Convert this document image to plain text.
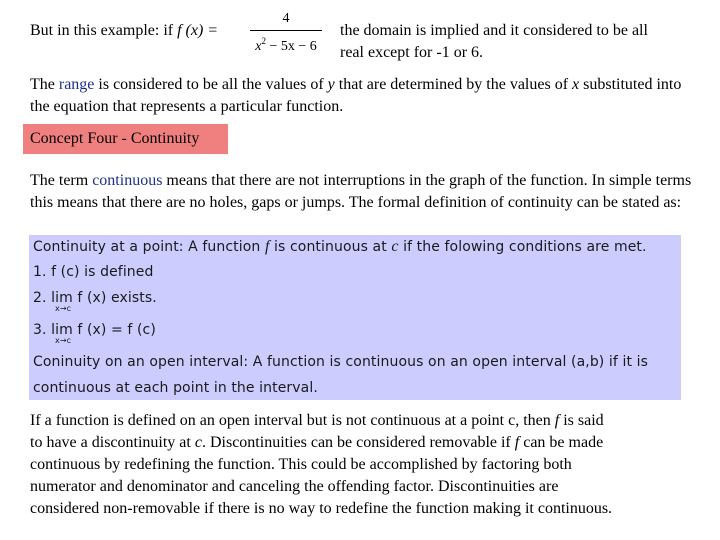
But in this example: if f (x) =
4
$x^2 - 5x - 6$
the domain is implied and it considered to be all
real except for -1 or 6.
The range is considered to be all the values of y that are determined by the values of x substituted into the equation that represents a particular function.
Concept Four - Continuity
The term continuous means that there are not interruptions in the graph of the function. In simple terms this means that there are no holes, gaps or jumps. The formal definition of continuity can be stated as:
Continuity at a point: A function f is continuous at c if the folowing conditions are met.
1. f (c) is defined
2. lim
x→c
f (x) exists.
3. lim
x→c
f (x) = f (c)
Coninuity on an open interval: A function is continuous on an open interval (a,b) if it is
continuous at each point in the interval.
If a function is defined on an open interval but is not continuous at a point c, then f is said
to have a discontinuity at c. Discontinuities can be considered removable if f can be made
continuous by redefining the function. This could be accomplished by factoring both
numerator and denominator and canceling the offending factor. Discontinuities are
considered non-removable if there is no way to redefine the function making it continuous.
